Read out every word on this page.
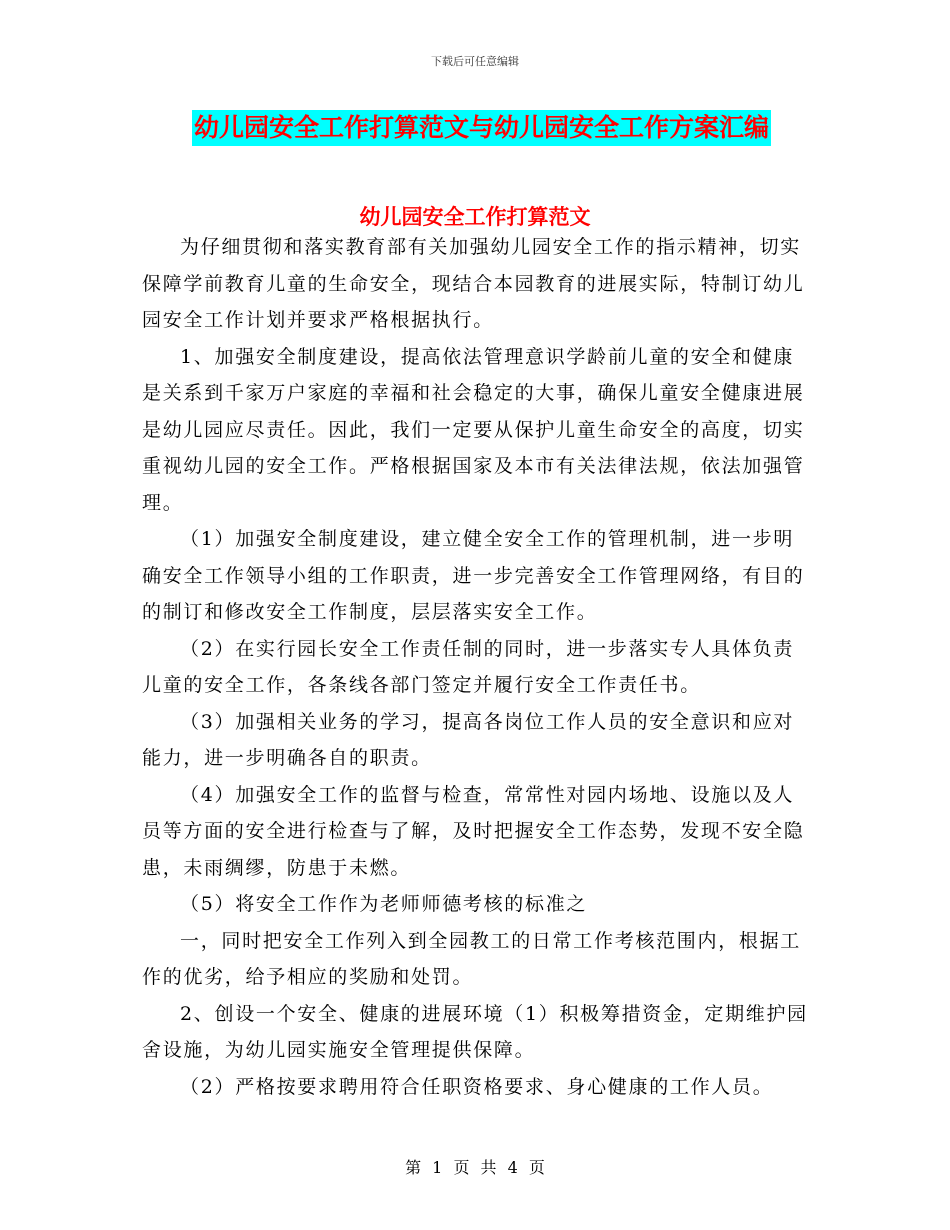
下载后可任意编辑
幼儿园安全工作打算范文与幼儿园安全工作方案汇编
幼儿园安全工作打算范文

为仔细贯彻和落实教育部有关加强幼儿园安全工作的指示精神，切实保障学前教育儿童的生命安全，现结合本园教育的进展实际，特制订幼儿园安全工作计划并要求严格根据执行。

1、加强安全制度建设，提高依法管理意识学龄前儿童的安全和健康是关系到千家万户家庭的幸福和社会稳定的大事，确保儿童安全健康进展是幼儿园应尽责任。因此，我们一定要从保护儿童生命安全的高度，切实重视幼儿园的安全工作。严格根据国家及本市有关法律法规，依法加强管理。

（1）加强安全制度建设，建立健全安全工作的管理机制，进一步明确安全工作领导小组的工作职责，进一步完善安全工作管理网络，有目的的制订和修改安全工作制度，层层落实安全工作。

（2）在实行园长安全工作责任制的同时，进一步落实专人具体负责儿童的安全工作，各条线各部门签定并履行安全工作责任书。

（3）加强相关业务的学习，提高各岗位工作人员的安全意识和应对能力，进一步明确各自的职责。

（4）加强安全工作的监督与检查，常常性对园内场地、设施以及人员等方面的安全进行检查与了解，及时把握安全工作态势，发现不安全隐患，未雨绸缪，防患于未燃。

（5）将安全工作作为老师师德考核的标准之

一，同时把安全工作列入到全园教工的日常工作考核范围内，根据工作的优劣，给予相应的奖励和处罚。

2、创设一个安全、健康的进展环境（1）积极筹措资金，定期维护园舍设施，为幼儿园实施安全管理提供保障。

（2）严格按要求聘用符合任职资格要求、身心健康的工作人员。

第 1 页 共 4 页
